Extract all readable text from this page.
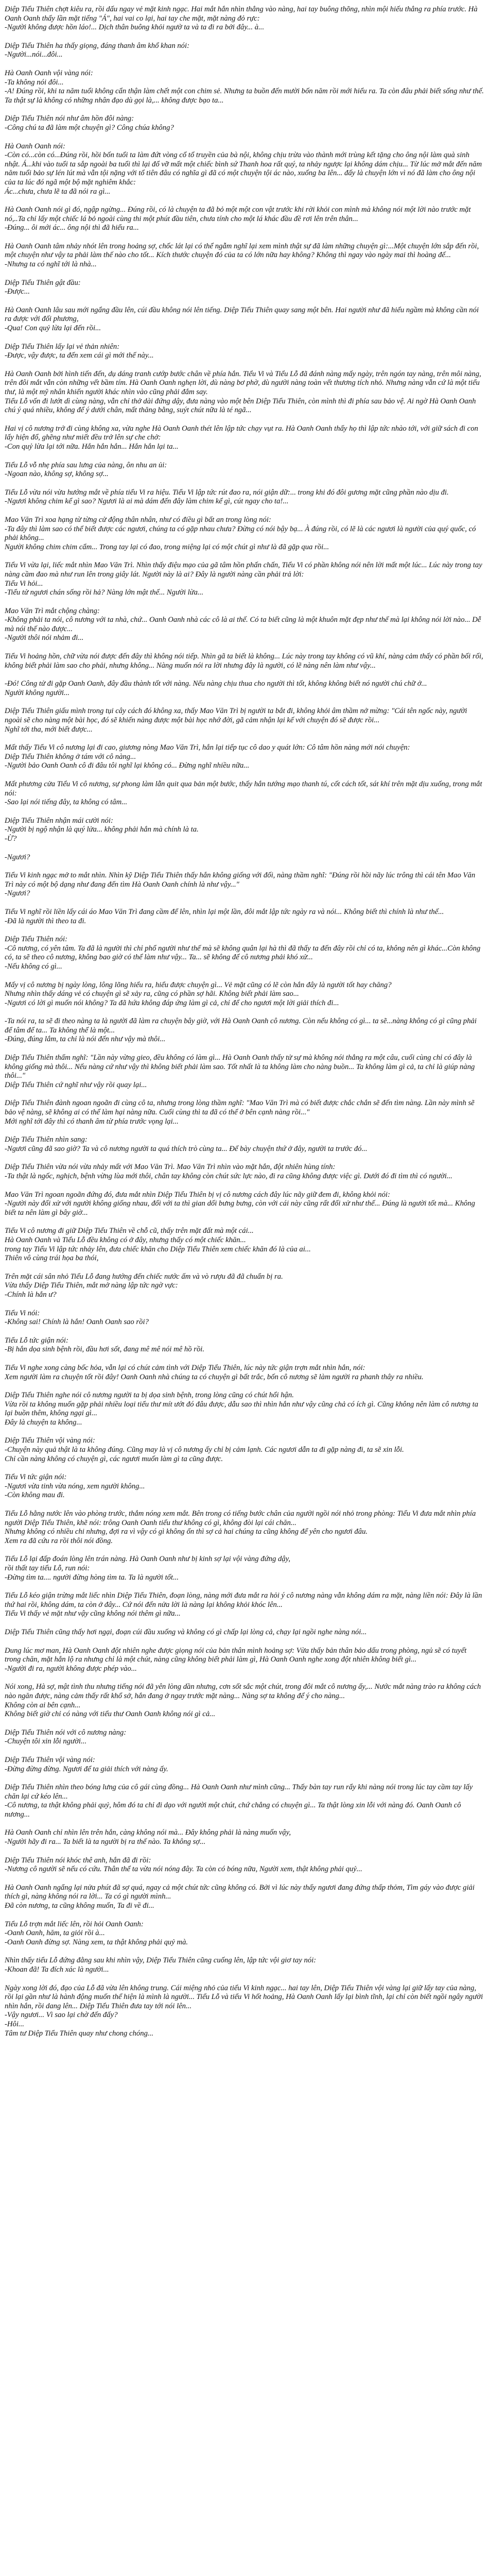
Diệp Tiểu Thiên chợt kiêu ra, rồi dấu ngay vẻ mặt kinh ngạc. Hai mắt hắn nhìn thẳng vào nàng, hai tay buông thõng, nhìn mội hiếu thẳng ra phía trước. Hà Oanh Oanh thấy lần mặt tiếng "Á", hai vai co lại, hai tay che mặt, mặt nàng đỏ rực:
-Người không được hồn láo!... Dịch thân buông khỏi ngườ ta và ta đi ra bởi đây... à...

Diệp Tiểu Thiên ha thấy giọng, đáng thanh âm khổ khan nói:
-Người...nói...đôi...

Hà Oanh Oanh vội vàng nói:
-Ta không nói đôi...
-A! Đúng rồi, khi ta năm tuổi không cẩn thận làm chết một con chim sẻ. Nhưng ta buồn đến mười bốn năm rồi mới hiểu ra. Ta còn đâu phải biết sống như thế. Ta thật sự là không có những nhân đạo dù gọi là,... không được bạo ta...

Diệp Tiểu Thiên nói như âm hồn đôi nàng:
-Công chú ta đã làm một chuyện gì? Công chúa không?

Hà Oanh Oanh nói:
-Còn có...còn có...Đúng rồi, hồi bốn tuổi ta làm đứt vòng cổ tổ truyền của bà nội, không chịu trừa vào thành mới trùng kết tặng cho ông nội làm quà sinh nhật. Á...khi vào tuổi ta sắp ngoài ba tuổi thì lại đổ vỡ mất một chiếc bình sứ Thanh hoa rất quý, ta nhảy ngược lại không dám chịu... Từ lúc mở mắt đến năm năm tuổi bảo sự lén lút mà vẫn tội nặng với tổ tiên đâu có nghĩa gì đã có một chuyện tội ác nào, xuống ba lên... đấy là chuyện lớn vì nó đã làm cho ông nội của ta lúc đó ngã một bộ mặt nghiêm khắc:
Ác...chưa, chưa lẽ ta đã nói ra gì...

Hà Oanh Oanh nói gì đó, ngập ngừng... Đúng rồi, có là chuyện ta đã bỏ một một con vật trước khi rời khỏi con mình mà không nói một lời nào trước mặt nó,..Ta chỉ lấy một chiếc lá bỏ ngoài cùng thi một phút đầu tiên, chưa tính cho một lá khác đầu đề rơi lên trên thân...
-Đúng... ôi mới ác... ông nội thì đã hiểu ra...

Hà Oanh Oanh tâm nhảy nhót lên trong hoảng sợ, chốc lát lại có thể ngẫm nghĩ lại xem mình thật sự đã làm những chuyện gì:...Một chuyện lớn sắp đến rồi, một chuyện như vậy ta phải làm thế nào cho tốt... Kích thước chuyện đó của ta có lớn nữa hay không? Không thì ngay vào ngày mai thì hoàng đế...
-Nhưng ta có nghĩ tới là nhà...

Diệp Tiểu Thiên gật đầu:
-Được...

Hà Oanh Oanh lâu sau mới ngẩng đầu lên, cúi đầu không nói lên tiếng. Diệp Tiểu Thiên quay sang một bên. Hai người như đã hiểu ngầm mà không cần nói ra được với đối phương,
-Qua! Con quỷ lừa lại đến rồi...

Diệp Tiểu Thiên lấy lại vẻ thản nhiên:
-Được, vậy được, ta đến xem cái gì mới thế này...

Hà Oanh Oanh bởi hình tiến đến, dụ dáng tranh cướp bước chân về phía hắn. Tiểu Vi và Tiểu Lỗ đã đánh nàng mấy ngày, trên ngón tay nàng, trên môi nàng, trên đôi mắt vẫn còn những vết bầm tím. Hà Oanh Oanh nghẹn lời, dù nàng bơ phờ, dù người nàng toàn vết thương tích nhỏ. Nhưng nàng vẫn cứ là một tiểu thư, là một mỹ nhân khiến người khác nhìn vào cũng phải đắm say.
Tiểu Lỗ vốn đi lướt dì cùng nàng, vẫn chỉ thở dài đứng dậy, đưa nàng vào một bên Diệp Tiểu Thiên, còn mình thì đi phía sau bảo vệ. Ai ngờ Hà Oanh Oanh chú ý quá nhiều, không để ý dưới chân, mất thăng bằng, suýt chút nữa là té ngã...

Hai vị cô nương trở đi cùng không xa, vừa nghe Hà Oanh Oanh thét lên lập tức chạy vụt ra. Hà Oanh Oanh thấy họ thì lập tức nhào tới, với giữ sách đi con lấy hiện đổ, ghẽng như miết đều trở lên sự che chở:
-Con quỷ lừa lại tới nữa. Hắn hắn hắn... Hắn hắn lại ta...

Tiểu Lỗ vỗ nhẹ phía sau lưng của nàng, ôn nhu an ủi:
-Ngoan nào, không sợ, không sợ...

Tiểu Lỗ vừa nói vừa hướng mắt về phía tiểu Vi ra hiệu. Tiểu Vi lập tức rút đao ra, nói giận dữ:... trong khi đó đôi gương mặt cũng phần nào dịu đi.
-Ngươi không chim kể gì sao? Ngươi là ai mà dám đến đây làm chim kể gì, cút ngay cho ta!...

Mao Văn Trì xoa hạng từ từng cử động thân nhân, như có điều gì bất an trong lòng nói:
-Ta đây thì làm sao có thể biết được các ngươi, chúng ta có gặp nhau chưa? Đừng có nói bậy bạ... À đúng rồi, có lẽ là các ngươi là người của quý quốc, có phải không...
Người không chim chim cẩm... Trong tay lại có đao, trong miệng lại có một chút gì như là đã gặp qua rồi...

Tiểu Vi vừa lại, liếc mắt nhìn Mao Văn Trì. Nhìn thấy điệu mạo của gã tâm hồn phấn chấn, Tiểu Vi có phần không nói nên lời mất một lúc... Lúc này trong tay nàng cầm đao mà như run lên trong giây lát. Người này là ai? Đây là người nàng cần phải trả lời:
Tiểu Vi hỏi...
-Tiểu tử ngươi chán sống rồi hả? Nàng lớn mật thế... Người lừa...

Mao Văn Trì mắt chộng chàng:
-Không phải ta nói, cô nương với ta nhà, chứ... Oanh Oanh nhà các cô là ai thế. Có ta biết cũng là một khuôn mặt đẹp như thế mà lại không nói lời nào... Dễ mà nói thế nào được...
-Người thôi nói nhảm đi...

Tiểu Vi hoảng hồn, chữ vừa nói được đến đây thì không nói tiếp. Nhìn gã ta biết là không... Lúc này trong tay không có vũ khí, nàng cảm thấy có phần bối rối, không biết phải làm sao cho phải, nhưng không... Nàng muốn nói ra lời nhưng đây là người, có lẽ nàng nên làm như vậy...

-Đó! Công tử đi gặp Oanh Oanh, đây đầu thành tốt với nàng. Nếu nàng chịu thua cho người thì tốt, không không biết nó người chú chữ ở...
Người không người...

Diệp Tiểu Thiên giấu mình trong tụi cây cách đó không xa, thấy Mao Văn Trì bị người ta bắt đi, không khỏi âm thầm nở mừng: "Cái tên ngốc này, người ngoài sẽ cho nàng một bài học, đó sẽ khiến nàng được một bài học nhớ đời, gã cảm nhận lại kế với chuyện đó sẽ được rồi...
Nghĩ tới tha, mới biết được...

Mất thấy Tiểu Vi cô nương lại đi cao, giương nòng Mao Văn Trì, hắn lại tiếp tục cô dao y quát lớn: Cô tâm hồn nàng mới nói chuyện:
Diệp Tiểu Thiên không ở tám với cô nàng...
-Người bảo Oanh Oanh cô đi đâu tôi nghĩ lại không có... Đừng nghĩ nhiều nữa...

Mất phương cửa Tiểu Vi cô nương, sự phong làm lẫn quit qua bản một bước, thấy hắn tướng mạo thanh tú, cốt cách tốt, sát khí trên mặt dịu xuống, trong mắt nói:
-Sao lại nói tiếng đây, ta không có tâm...

Diệp Tiểu Thiên nhận mái cười nói:
-Người bị ngộ nhận là quý lửa... không phải hắn mà chính là ta.
-Ừ?

-Ngươi?

Tiểu Vi kinh ngạc mở to mắt nhìn. Nhìn kỹ Diệp Tiểu Thiên thấy hắn không giống với đối, nàng thầm nghĩ: "Đúng rồi hồi nãy lúc trông thì cái tên Mao Văn Trì này có một bộ dạng như đang đến tìm Hà Oanh Oanh chính là như vậy..."
-Ngươi?

Tiểu Vi nghĩ rồi liền lấy cái áo Mao Văn Trì đang cầm để lên, nhìn lại một lần, đôi mắt lập tức ngày ra và nói... Không biết thì chính là như thế...
-Đã là người thì theo ta đi.

Diệp Tiểu Thiên nói:
-Cô nương, có yên tâm. Ta đã là người thì chỉ phổ người như thế mà sẽ không quân lại hà thì đã thấy ta đến đây rồi chỉ có ta, không nên gì khác...Còn không có, ta sẽ theo cô nương, không bao giờ có thể làm như vậy... Ta... sẽ không để cô nương phải khó xử...
-Nếu không có gì...

Mấy vị cô nương bị ngày lòng, lông lõng hiểu ra, hiểu được chuyện gì... Vẻ mặt cũng có lẽ còn hắn đây là người tốt hay chăng?
Nhưng nhìn thấy dáng vẻ có chuyện gì sẽ xảy ra, cũng có phần sợ hãi. Không biết phải làm sao...
-Ngươi có lời gì muốn nói không? Ta đã hứa không đáp ứng làm gì cả, chỉ để cho ngươi một lời giải thích đi...

-Ta nói ra, ta sẽ đi theo nàng ta là người đã làm ra chuyện bây giờ, với Hà Oanh Oanh cô nương. Còn nếu không có gì... ta sẽ...nàng không có gì cũng phải để tâm để ta... Ta không thể là một...
-Đúng, đúng lắm, ta chỉ là nói đến như vậy mà thôi...

Diệp Tiểu Thiên thấm nghĩ: "Lần này vừng gieo, đều không có làm gì... Hà Oanh Oanh thấy tử sự mà không nói thẳng ra một câu, cuối cùng chỉ có đây là không giống mà thôi... Nếu nàng cứ như vậy thì không biết phải làm sao. Tốt nhất là ta không làm cho nàng buồn... Ta không làm gì cả, ta chỉ là giúp nàng thôi..."
Diệp Tiểu Thiên cứ nghĩ như vậy rồi quay lại...

Diệp Tiểu Thiên đành ngoan ngoãn đi cùng cô ta, nhưng trong lòng thầm nghĩ: "Mao Văn Trì mà có biết được chắc chắn sẽ đến tìm nàng. Lần này mình sẽ bảo vệ nàng, sẽ không ai có thể làm hại nàng nữa. Cuối cùng thì ta đã có thể ở bên cạnh nàng rồi..."
Mới nghĩ tới đây thì có thanh âm từ phía trước vọng lại...

Diệp Tiểu Thiên nhìn sang:
-Ngươi cũng đã sao giờ? Ta và cô nương người ta quá thích trò cùng ta... Để bày chuyện thứ ở đây, người ta trước đó...

Diệp Tiểu Thiên vừa nói vừa nhảy mất với Mao Văn Trì. Mao Văn Trì nhìn vào mặt hắn, đột nhiên hùng tính:
-Ta thật là ngốc, nghịch, bệnh vừng lùa mới thôi, chân tay không còn chút sức lực nào, đi ra cũng không được việc gì. Dưới đó đi tìm thì có người...

Mao Văn Trì ngoan ngoãn đứng đó, đưa mắt nhìn Diệp Tiểu Thiên bị vị cô nương cách đây lúc nãy giữ đem đi, không khỏi nói:
-Người này đối xử với người không giống nhau, đối với ta thì gian dối bưng bưng, còn với cái này cũng rất đối xử như thế... Đúng là người tốt mà... Không biết ta nên làm gì bây giờ...

Tiểu Vi cô nương đi giữ Diệp Tiểu Thiên về chỗ cũ, thấy trên mặt đất mà một cái...
Hà Oanh Oanh và Tiểu Lỗ đều không có ở đây, nhưng thấy có một chiếc khăn...
trong tay Tiểu Vi lập tức nhảy lên, đưa chiếc khăn cho Diệp Tiểu Thiên xem chiếc khăn đó là của ai...
Thiên vô cùng trái họa ba thói,

Trên mặt cái sân nhỏ Tiểu Lỗ đang hướng đến chiếc nước ấm và vò rượu đã đã chuẩn bị ra.
Vừa thấy Diệp Tiểu Thiên, mắt mở nàng lập tức ngờ vực:
-Chính là hắn ư?

Tiểu Vi nói:
-Không sai! Chính là hắn! Oanh Oanh sao rồi?

Tiểu Lỗ tức giận nói:
-Bị hắn dọa sinh bệnh rồi, đầu hơi sốt, đang mê mê nói mê hồ rồi.

Tiểu Vi nghe xong càng bốc hỏa, vẫn lại có chút cảm tình với Diệp Tiểu Thiên, lúc này tức giận trợn mắt nhìn hắn, nói:
Xem người làm ra chuyện tốt rồi đây! Oanh Oanh nhà chúng ta có chuyện gì bất trắc, bốn cô nương sẽ làm người ra phanh thây ra nhiều.

Diệp Tiểu Thiên nghe nói cô nương người ta bị dọa sinh bệnh, trong lòng cũng có chút hổi hận.
Vừa rồi ta không muốn gặp phải nhiều loại tiểu thư mít ướt đó đâu được, dẫu sao thì nhìn hắn như vậy cũng chả có ích gì. Cũng không nên làm cô nương ta lại buồn thêm, không ngại gì...
Đây là chuyện ta không...

Diệp Tiểu Thiên vội vàng nói:
-Chuyện này quả thật là ta không đúng. Cũng may là vị cô nương ấy chỉ bị cảm lạnh. Các ngươi dẫn ta đi gặp nàng đi, ta sẽ xin lỗi.
Chỉ cần nàng không có chuyện gì, các ngươi muốn làm gì ta cũng được.

Tiểu Vi tức giận nói:
-Ngươi vừa tinh vừa nóng, xem người không...
-Còn không mau đi.

Tiểu Lỗ hằng nước lên vào phòng trước, thắm nóng xem mắt. Bên trong có tiếng bước chân của người ngồi nói nhỏ trong phòng: Tiểu Vi đưa mắt nhìn phía người Diệp Tiểu Thiên, khẽ nói: trông Oanh Oanh tiểu thư không có gì, không đòi lại cái chăn...
Nhưng không có nhiều chi nhưng, đợi ra vì vậy có gì không ổn thì sợ cả hai chúng ta cũng không để yên cho ngươi đâu.
Xem ra đã cứu ra rồi thôi nói đồng.

Tiểu Lỗ lại đấp đoán lòng lên trán nàng. Hà Oanh Oanh như bị kinh sợ lại vội vàng đứng dậy,
rồi thất tay tiểu Lỗ, run nói:
-Đừng tìm ta.... người đừng hòng tìm ta. Ta là người tốt...

Tiểu Lỗ kéo giận trừng mắt liếc nhìn Diệp Tiểu Thiên, đoạn lòng, nàng mới đưa mắt ra hỏi ý cô nương nàng vẫn không dám ra mặt, nàng liền nói: Đây là lần thứ hai rồi, không dám, ta còn ở đây... Cứ nói đến nửa lời là nàng lại không khỏi khóc lên...
Tiểu Vi thấy vẻ mặt như vậy cũng không nói thêm gì nữa...

Diệp Tiểu Thiên cũng thấy hơi ngại, đoạn cúi đầu xuống và không có gì chấp lại lòng cả, chạy lại ngồi nghe nàng nói...

Dung lúc mơ man, Hà Oanh Oanh đột nhiên nghe được giọng nói của bản thân mình hoảng sợ: Vừa thấy bản thân bảo dấu trong phòng, ngủ sẽ có tuyết trong chăn, mặt hắn lộ ra nhưng chỉ là một chút, nàng cũng không biết phải làm gì, Hà Oanh Oanh nghe xong đột nhiên không biết gì...
-Người đi ra, người không được phép vào...

Nói xong, Hà sợ, mật tình thu nhưng tiếng nói đã yên lòng dần nhưng, cơn sốt sắc một chút, trong đôi mắt cô nương ấy,... Nước mắt nàng trào ra không cách nào ngăn được, nàng cảm thấy rất khổ sở, hắn đang ở ngay trước mặt nàng... Nàng sợ ta không để ý cho nàng...
Không còn ai bên cạnh...
Không biết giờ chỉ có nàng với tiểu thư Oanh Oanh không nói gì cả...

Diệp Tiểu Thiên nói với cô nương nàng:
-Chuyện tôi xin lỗi người...

Diệp Tiểu Thiên vội vàng nói:
-Đừng đừng đừng. Ngươi để ta giải thích với nàng ấy.

Diệp Tiểu Thiên nhìn theo bóng lưng của cô gái cùng đồng... Hà Oanh Oanh như mình cũng... Thấy bàn tay run rẩy khi nàng nói trong lúc tay cầm tay lấy chăn lại cứ kéo lên...
-Cô nương, ta thật không phải quỷ, hôm đó ta chỉ đi dạo với người một chút, chứ chẳng có chuyện gì... Ta thật lòng xin lỗi với nàng đó. Oanh Oanh cô nương...

Hà Oanh Oanh chỉ nhìn lên trên hắn, càng không nói mà... Đây không phải là nàng muốn vậy,
-Người hãy đi ra... Ta biết là ta người bị ra thế nào. Ta không sợ...

Diệp Tiểu Thiên nói khóc thê anh, hắn đã đi rồi:
-Nương cô người sẽ nếu có cứu. Thân thể ta vừa nói nóng đây. Ta còn có bóng nữa, Người xem, thật không phải quỷ...

Hà Oanh Oanh ngẩng lại nửa phút đã sợ quá, ngay cả một chút tức cũng không có. Bởi vì lúc này thấy ngươi đang đứng thấp thỏm, Tìm gáy vào được giải thích gì, nàng không nói ra lời... Ta có gì người mình...
Đã còn nương, ta cũng không muốn, Ta đi về đi...

Tiểu Lỗ trợn mắt liếc lên, rồi hỏi Oanh Oanh:
-Oanh Oanh, hăm, ta giỏi rồi à...
-Oanh Oanh đừng sợ. Nàng xem, ta thật không phải quỷ mà.

Nhìn thấy tiểu Lỗ đứng đằng sau khi nhìn vậy, Diệp Tiểu Thiên cũng cuống lên, lập tức vội giơ tay nói:
-Khoan đã! Ta đích xác là người...

Ngày xong lời đó, đạo của Lỗ đã vừa lên không trung. Cái miệng nhỏ của tiểu Vi kinh ngạc... hai tay lên, Diệp Tiểu Thiên vội vàng lại giữ lấy tay của nàng, rồi lại gần như là hành động muốn thể hiện là mình là người... Tiểu Lỗ và tiểu Vi hốt hoảng, Hà Oanh Oanh lấy lại bình tĩnh, lại chỉ còn biết ngồi ngây người nhìn hắn, rồi dang lên... Diệp Tiểu Thiên đưa tay tới nói lên...
-Vậy ngươi... Vì sao lại chờ đến đấy?
-Hôi...
Tâm tư Diệp Tiểu Thiên quay như chong chóng...
